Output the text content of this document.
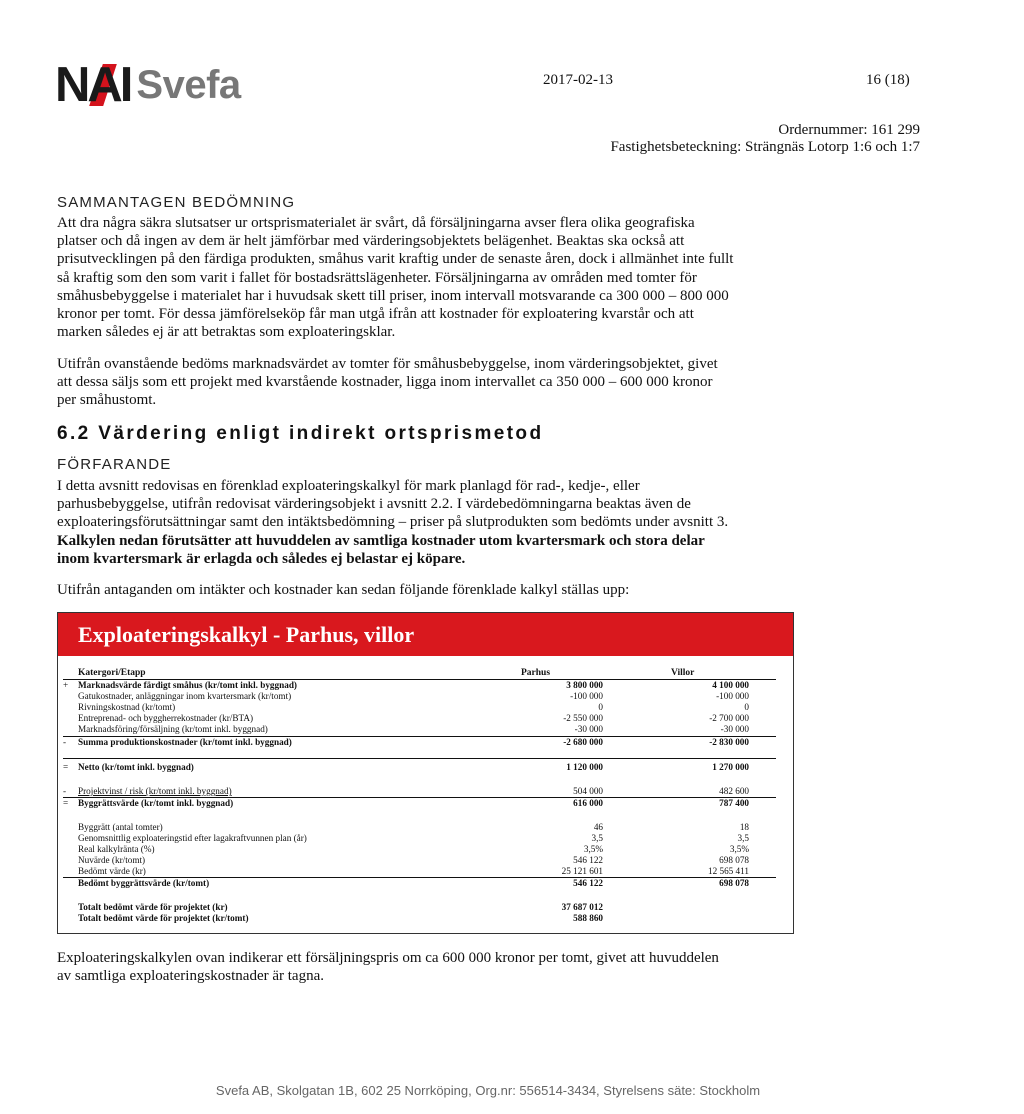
NAI Svefa	2017-02-13	16 (18)
Ordernummer: 161 299
Fastighetsbeteckning: Strängnäs Lotorp 1:6 och 1:7
SAMMANTAGEN BEDÖMNING
Att dra några säkra slutsatser ur ortsprismaterialet är svårt, då försäljningarna avser flera olika geografiska
platser och då ingen av dem är helt jämförbar med värderingsobjektets belägenhet. Beaktas ska också att
prisutvecklingen på den färdiga produkten, småhus varit kraftig under de senaste åren, dock i allmänhet inte fullt
så kraftig som den som varit i fallet för bostadsrättslägenheter. Försäljningarna av områden med tomter för
småhusbebyggelse i materialet har i huvudsak skett till priser, inom intervall motsvarande ca 300 000 – 800 000
kronor per tomt. För dessa jämförelseköp får man utgå ifrån att kostnader för exploatering kvarstår och att
marken således ej är att betraktas som exploateringsklar.
Utifrån ovanstående bedöms marknadsvärdet av tomter för småhusbebyggelse, inom värderingsobjektet, givet
att dessa säljs som ett projekt med kvarstående kostnader, ligga inom intervallet ca 350 000 – 600 000 kronor
per småhustomt.
6.2 Värdering enligt indirekt ortsprismetod
FÖRFARANDE
I detta avsnitt redovisas en förenklad exploateringskalkyl för mark planlagd för rad-, kedje-, eller
parhusbebyggelse, utifrån redovisat värderingsobjekt i avsnitt 2.2. I värdebedömningarna beaktas även de
exploateringsförutsättningar samt den intäktsbedömning – priser på slutprodukten som bedömts under avsnitt 3.
Kalkylen nedan förutsätter att huvuddelen av samtliga kostnader utom kvartersmark och stora delar
inom kvartersmark är erlagda och således ej belastar ej köpare.
Utifrån antaganden om intäkter och kostnader kan sedan följande förenklade kalkyl ställas upp:
Exploateringskalkyl - Parhus, villor
Katergori/Etapp	Parhus	Villor
+	Marknadsvärde färdigt småhus (kr/tomt inkl. byggnad)	3 800 000	4 100 000
Gatukostnader, anläggningar inom kvartersmark (kr/tomt)	-100 000	-100 000
Rivningskostnad (kr/tomt)	0	0
Entreprenad- och byggherrekostnader (kr/BTA)	-2 550 000	-2 700 000
Marknadsföring/försäljning (kr/tomt inkl. byggnad)	-30 000	-30 000
-	Summa produktionskostnader (kr/tomt inkl. byggnad)	-2 680 000	-2 830 000
=	Netto (kr/tomt inkl. byggnad)	1 120 000	1 270 000
-	Projektvinst / risk (kr/tomt inkl. byggnad)	504 000	482 600
=	Byggrättsvärde (kr/tomt inkl. byggnad)	616 000	787 400
Byggrätt (antal tomter)	46	18
Genomsnittlig exploateringstid efter lagakraftvunnen plan (år)	3,5	3,5
Real kalkylränta (%)	3,5%	3,5%
Nuvärde (kr/tomt)	546 122	698 078
Bedömt värde (kr)	25 121 601	12 565 411
Bedömt byggrättsvärde (kr/tomt)	546 122	698 078
Totalt bedömt värde för projektet (kr)	37 687 012
Totalt bedömt värde för projektet (kr/tomt)	588 860
Exploateringskalkylen ovan indikerar ett försäljningspris om ca 600 000 kronor per tomt, givet att huvuddelen
av samtliga exploateringskostnader är tagna.
Svefa AB, Skolgatan 1B, 602 25 Norrköping, Org.nr: 556514-3434, Styrelsens säte: Stockholm
